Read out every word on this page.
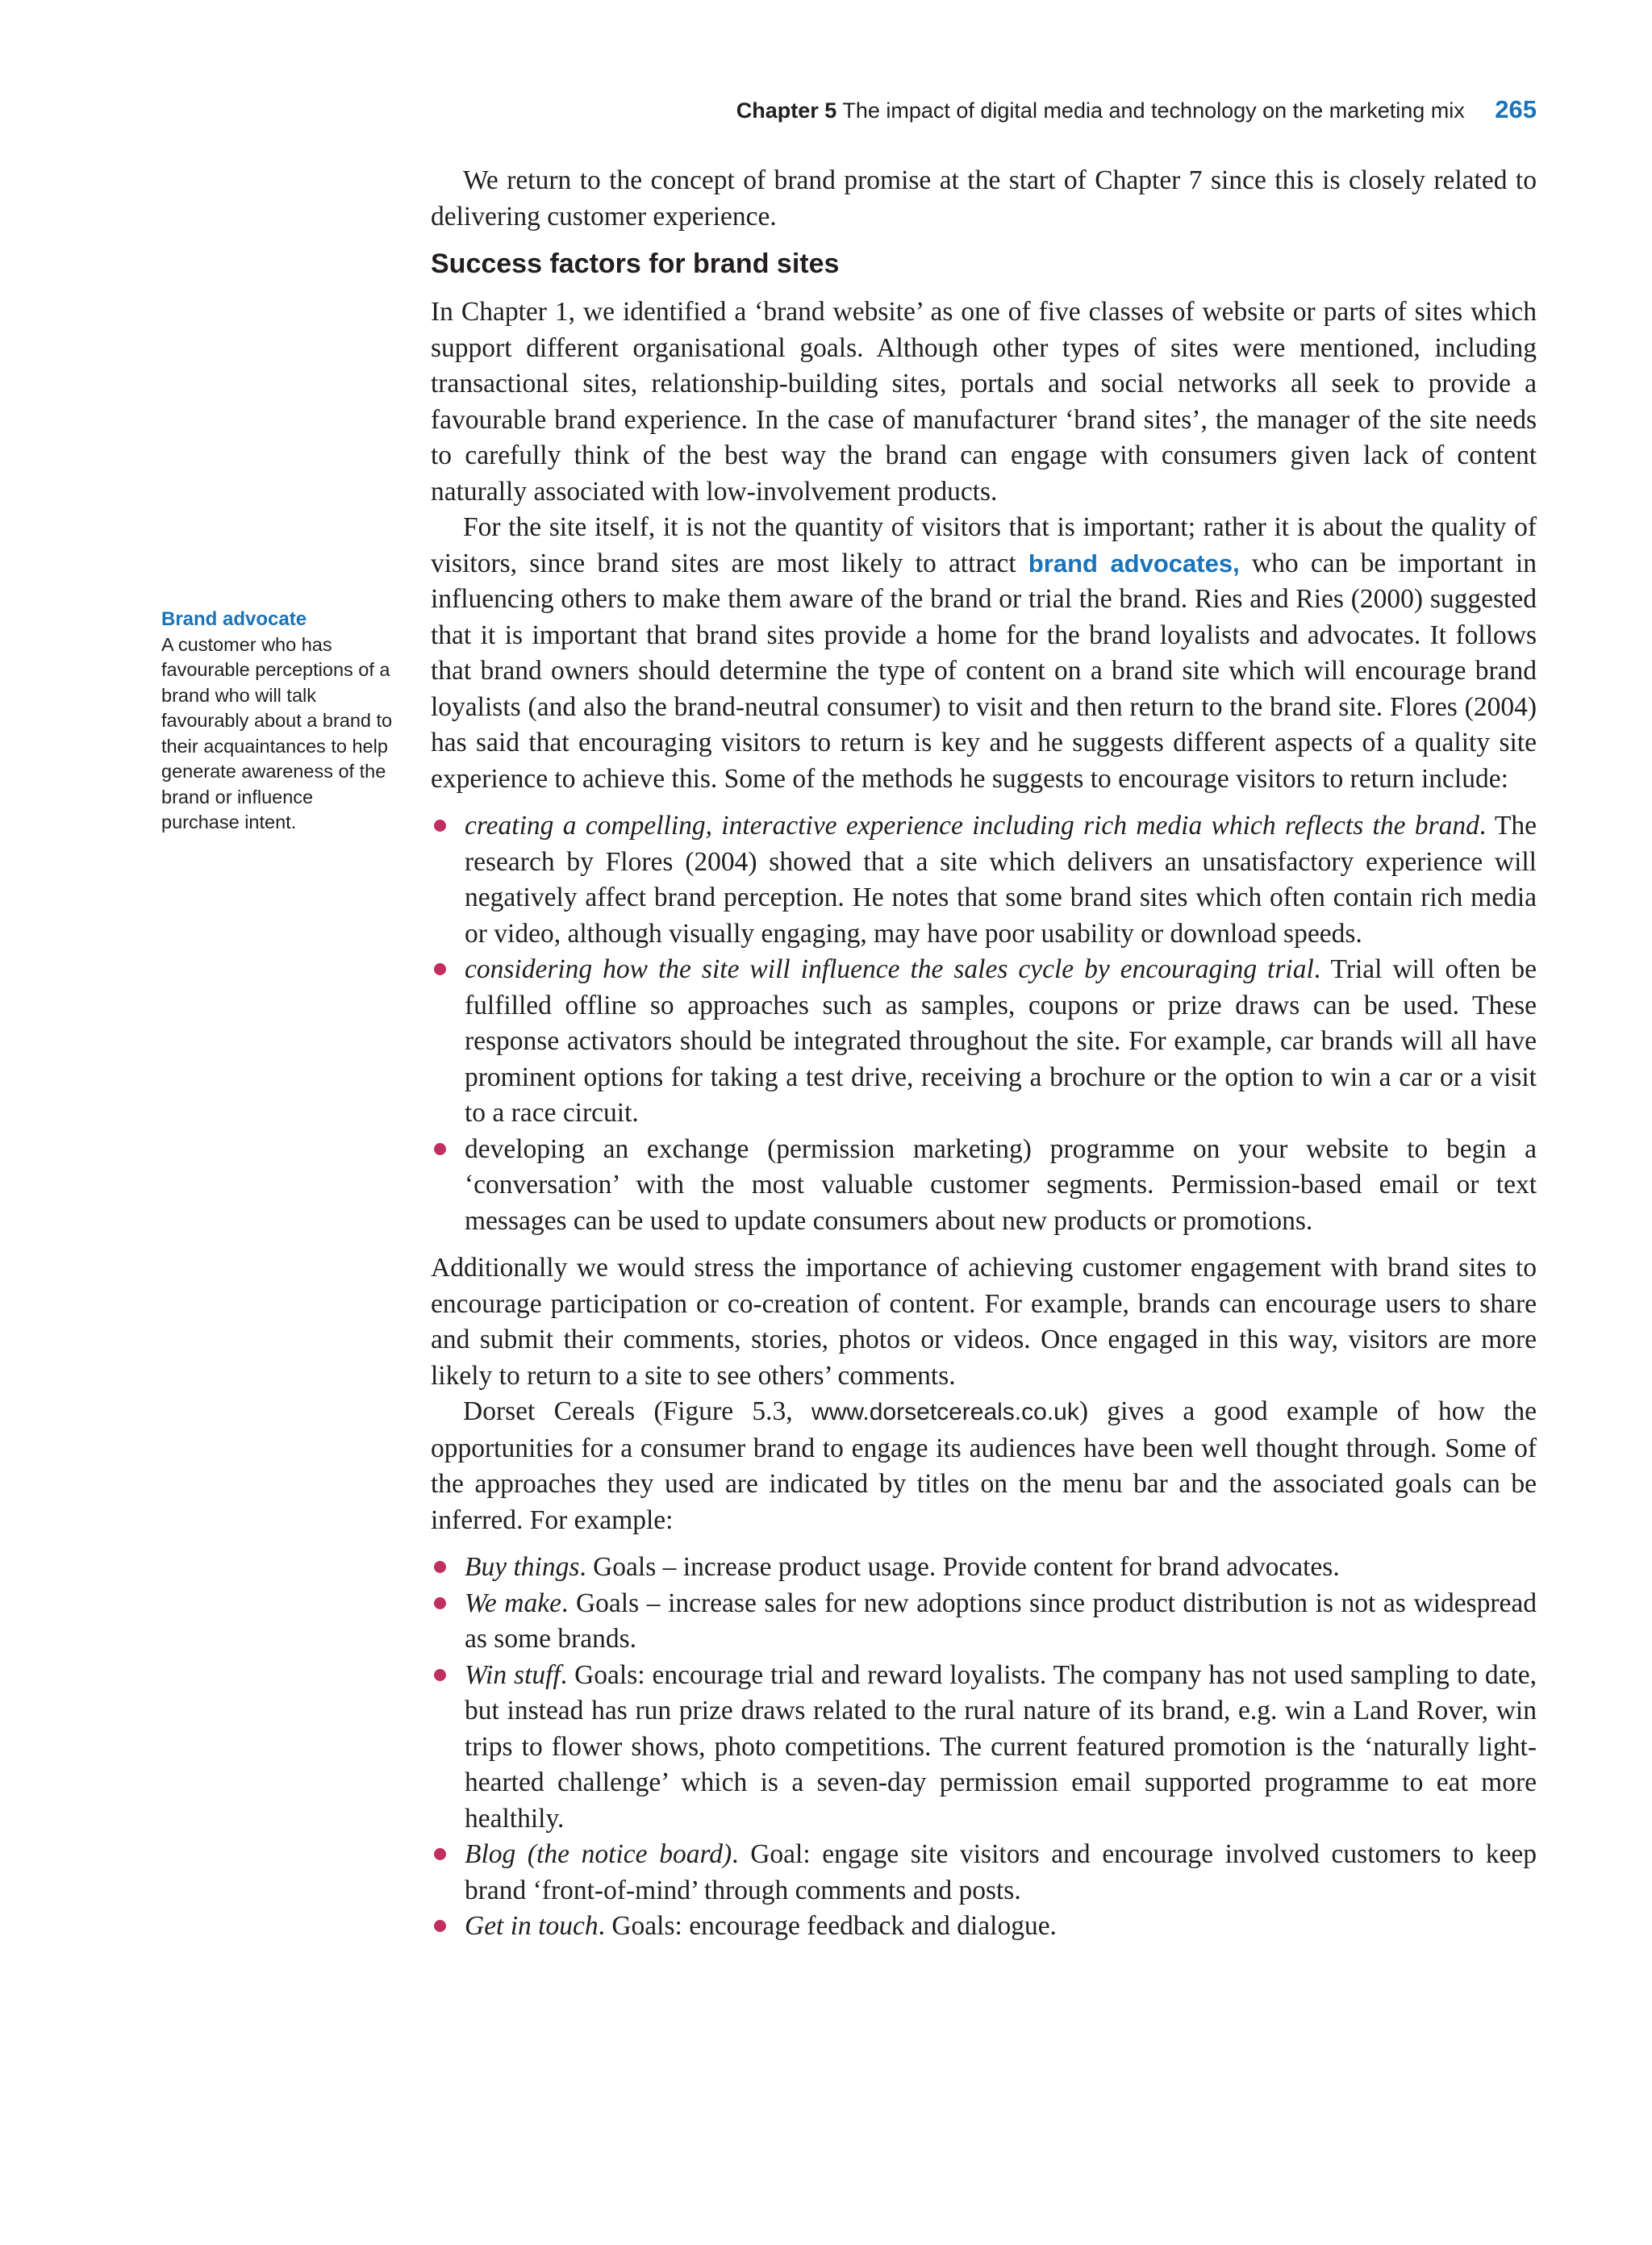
Chapter 5 The impact of digital media and technology on the marketing mix 265
Brand advocate
A customer who has favourable perceptions of a brand who will talk favourably about a brand to their acquaintances to help generate awareness of the brand or influence purchase intent.

We return to the concept of brand promise at the start of Chapter 7 since this is closely related to delivering customer experience.

Success factors for brand sites

In Chapter 1, we identified a ‘brand website’ as one of five classes of website or parts of sites which support different organisational goals. Although other types of sites were mentioned, including transactional sites, relationship-building sites, portals and social networks all seek to provide a favourable brand experience. In the case of manufacturer ‘brand sites’, the manager of the site needs to carefully think of the best way the brand can engage with consumers given lack of content naturally associated with low-involvement products.

For the site itself, it is not the quantity of visitors that is important; rather it is about the quality of visitors, since brand sites are most likely to attract brand advocates, who can be important in influencing others to make them aware of the brand or trial the brand. Ries and Ries (2000) suggested that it is important that brand sites provide a home for the brand loyalists and advocates. It follows that brand owners should determine the type of content on a brand site which will encourage brand loyalists (and also the brand-neutral consumer) to visit and then return to the brand site. Flores (2004) has said that encouraging visitors to return is key and he suggests different aspects of a quality site experience to achieve this. Some of the methods he suggests to encourage visitors to return include:

creating a compelling, interactive experience including rich media which reflects the brand. The research by Flores (2004) showed that a site which delivers an unsatisfactory experience will negatively affect brand perception. He notes that some brand sites which often contain rich media or video, although visually engaging, may have poor usability or download speeds.
considering how the site will influence the sales cycle by encouraging trial. Trial will often be fulfilled offline so approaches such as samples, coupons or prize draws can be used. These response activators should be integrated throughout the site. For example, car brands will all have prominent options for taking a test drive, receiving a brochure or the option to win a car or a visit to a race circuit.
developing an exchange (permission marketing) programme on your website to begin a ‘conversation’ with the most valuable customer segments. Permission-based email or text messages can be used to update consumers about new products or promotions.

Additionally we would stress the importance of achieving customer engagement with brand sites to encourage participation or co-creation of content. For example, brands can encourage users to share and submit their comments, stories, photos or videos. Once engaged in this way, visitors are more likely to return to a site to see others’ comments.

Dorset Cereals (Figure 5.3, www.dorsetcereals.co.uk) gives a good example of how the opportunities for a consumer brand to engage its audiences have been well thought through. Some of the approaches they used are indicated by titles on the menu bar and the associated goals can be inferred. For example:

Buy things. Goals – increase product usage. Provide content for brand advocates.
We make. Goals – increase sales for new adoptions since product distribution is not as widespread as some brands.
Win stuff. Goals: encourage trial and reward loyalists. The company has not used sampling to date, but instead has run prize draws related to the rural nature of its brand, e.g. win a Land Rover, win trips to flower shows, photo competitions. The current featured promotion is the ‘naturally light-hearted challenge’ which is a seven-day permission email supported programme to eat more healthily.
Blog (the notice board). Goal: engage site visitors and encourage involved customers to keep brand ‘front-of-mind’ through comments and posts.
Get in touch. Goals: encourage feedback and dialogue.
